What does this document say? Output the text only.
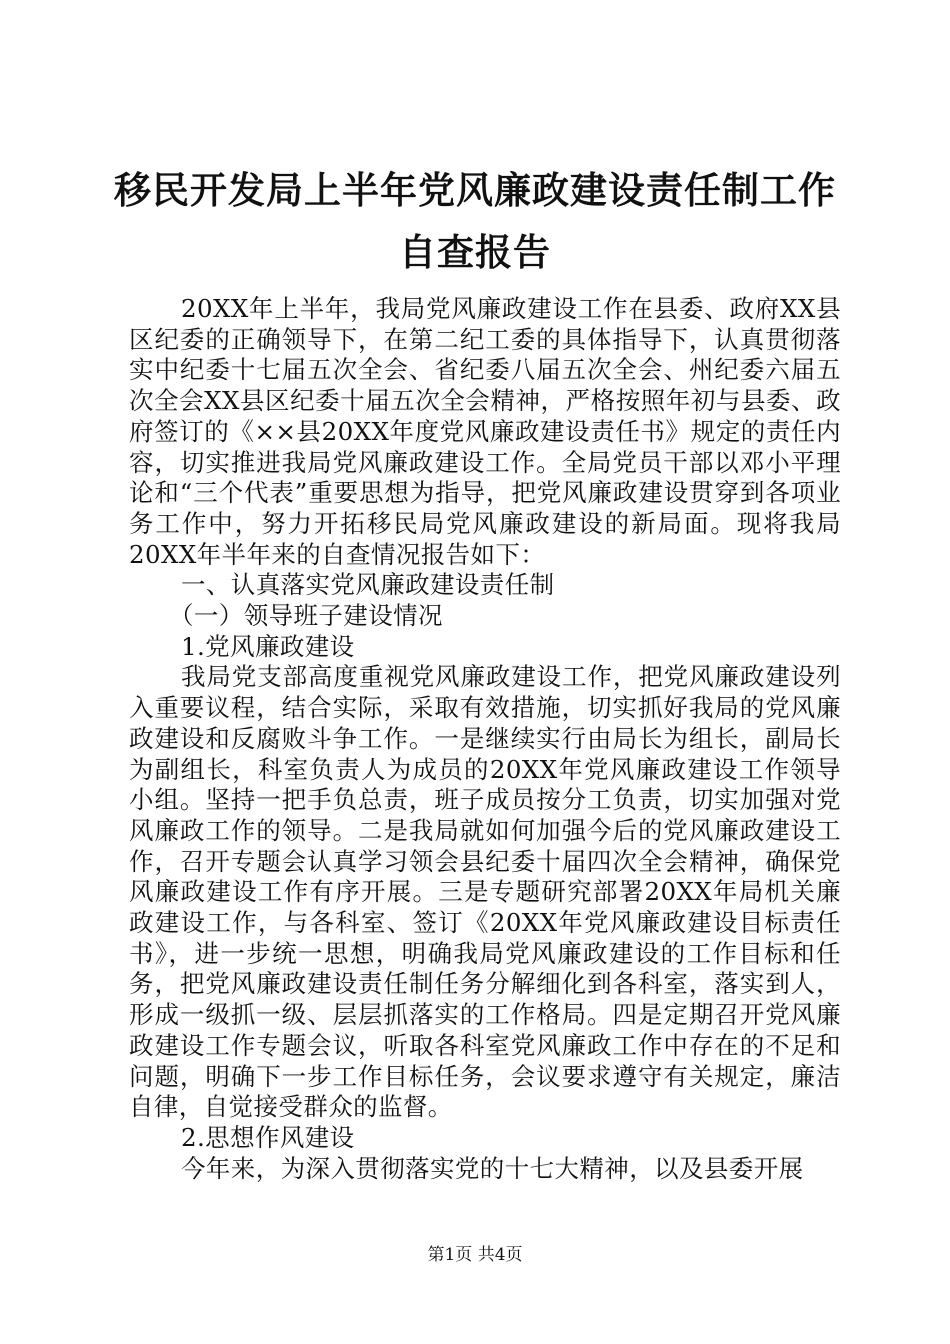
移民开发局上半年党风廉政建设责任制工作自查报告

20XX年上半年，我局党风廉政建设工作在县委、政府XX县区纪委的正确领导下，在第二纪工委的具体指导下，认真贯彻落实中纪委十七届五次全会、省纪委八届五次全会、州纪委六届五次全会XX县区纪委十届五次全会精神，严格按照年初与县委、政府签订的《××县20XX年度党风廉政建设责任书》规定的责任内容，切实推进我局党风廉政建设工作。全局党员干部以邓小平理论和“三个代表”重要思想为指导，把党风廉政建设贯穿到各项业务工作中，努力开拓移民局党风廉政建设的新局面。现将我局20XX年半年来的自查情况报告如下：

一、认真落实党风廉政建设责任制

（一）领导班子建设情况

1.党风廉政建设

我局党支部高度重视党风廉政建设工作，把党风廉政建设列入重要议程，结合实际，采取有效措施，切实抓好我局的党风廉政建设和反腐败斗争工作。一是继续实行由局长为组长，副局长为副组长，科室负责人为成员的20XX年党风廉政建设工作领导小组。坚持一把手负总责，班子成员按分工负责，切实加强对党风廉政工作的领导。二是我局就如何加强今后的党风廉政建设工作，召开专题会认真学习领会县纪委十届四次全会精神，确保党风廉政建设工作有序开展。三是专题研究部署20XX年局机关廉政建设工作，与各科室、签订《20XX年党风廉政建设目标责任书》，进一步统一思想，明确我局党风廉政建设的工作目标和任务，把党风廉政建设责任制任务分解细化到各科室，落实到人，形成一级抓一级、层层抓落实的工作格局。四是定期召开党风廉政建设工作专题会议，听取各科室党风廉政工作中存在的不足和问题，明确下一步工作目标任务，会议要求遵守有关规定，廉洁自律，自觉接受群众的监督。

2.思想作风建设

今年来，为深入贯彻落实党的十七大精神，以及县委开展

第1页 共4页
